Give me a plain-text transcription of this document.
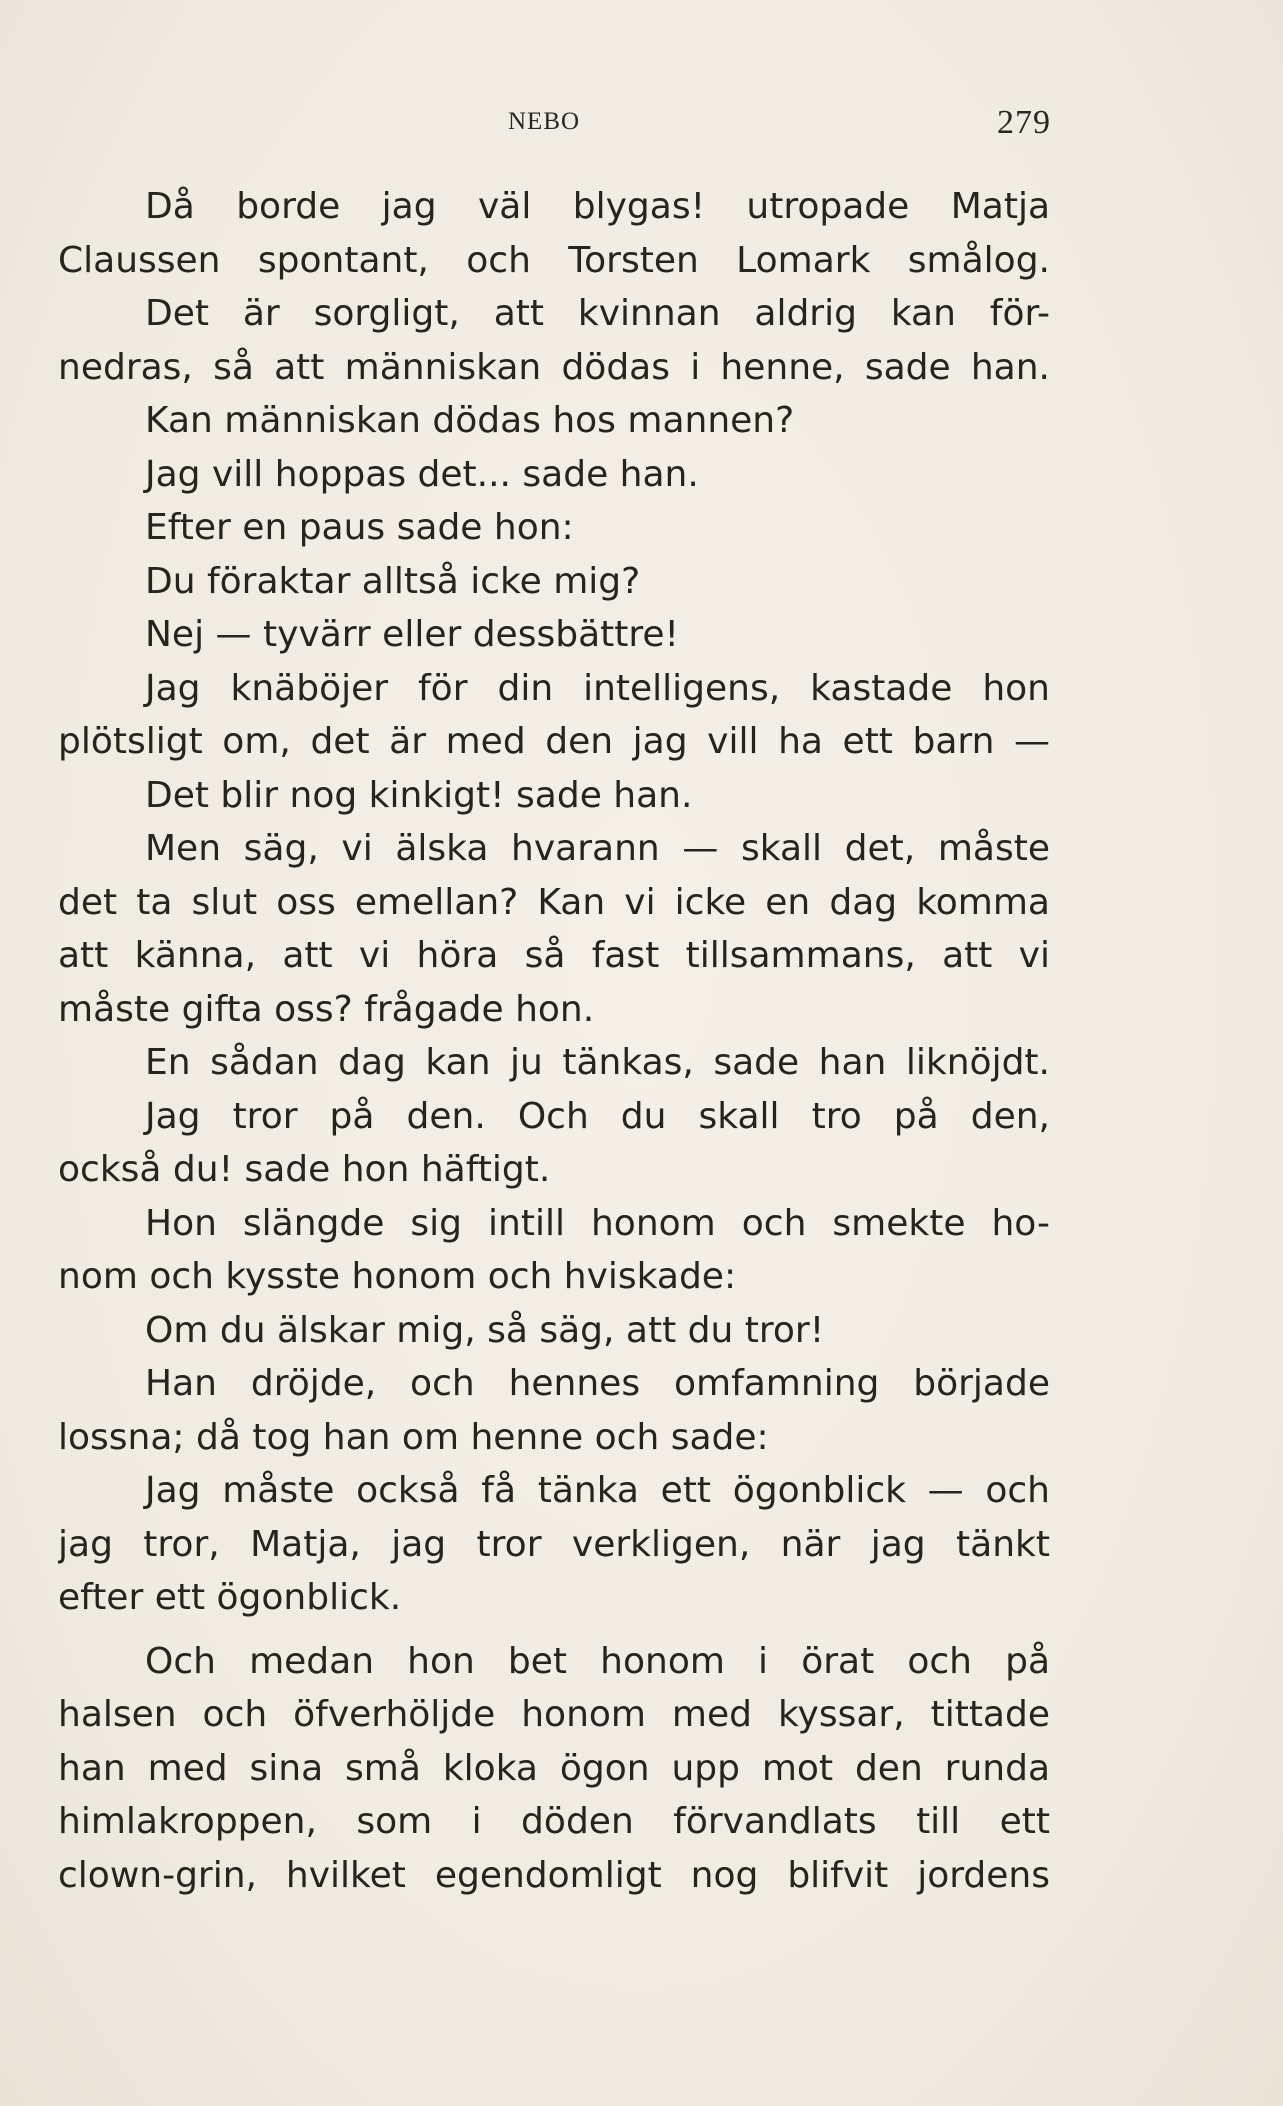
NEBO	279
Då borde jag väl blygas! utropade Matja
Claussen spontant, och Torsten Lomark smålog.
Det är sorgligt, att kvinnan aldrig kan för-
nedras, så att människan dödas i henne, sade han.
Kan människan dödas hos mannen?
Jag vill hoppas det... sade han.
Efter en paus sade hon:
Du föraktar alltså icke mig?
Nej — tyvärr eller dessbättre!
Jag knäböjer för din intelligens, kastade hon
plötsligt om, det är med den jag vill ha ett barn —
Det blir nog kinkigt! sade han.
Men säg, vi älska hvarann — skall det, måste
det ta slut oss emellan? Kan vi icke en dag komma
att känna, att vi höra så fast tillsammans, att vi
måste gifta oss? frågade hon.
En sådan dag kan ju tänkas, sade han liknöjdt.
Jag tror på den. Och du skall tro på den,
också du! sade hon häftigt.
Hon slängde sig intill honom och smekte ho-
nom och kysste honom och hviskade:
Om du älskar mig, så säg, att du tror!
Han dröjde, och hennes omfamning började
lossna; då tog han om henne och sade:
Jag måste också få tänka ett ögonblick — och
jag tror, Matja, jag tror verkligen, när jag tänkt
efter ett ögonblick.
Och medan hon bet honom i örat och på
halsen och öfverhöljde honom med kyssar, tittade
han med sina små kloka ögon upp mot den runda
himlakroppen, som i döden förvandlats till ett
clown-grin, hvilket egendomligt nog blifvit jordens
